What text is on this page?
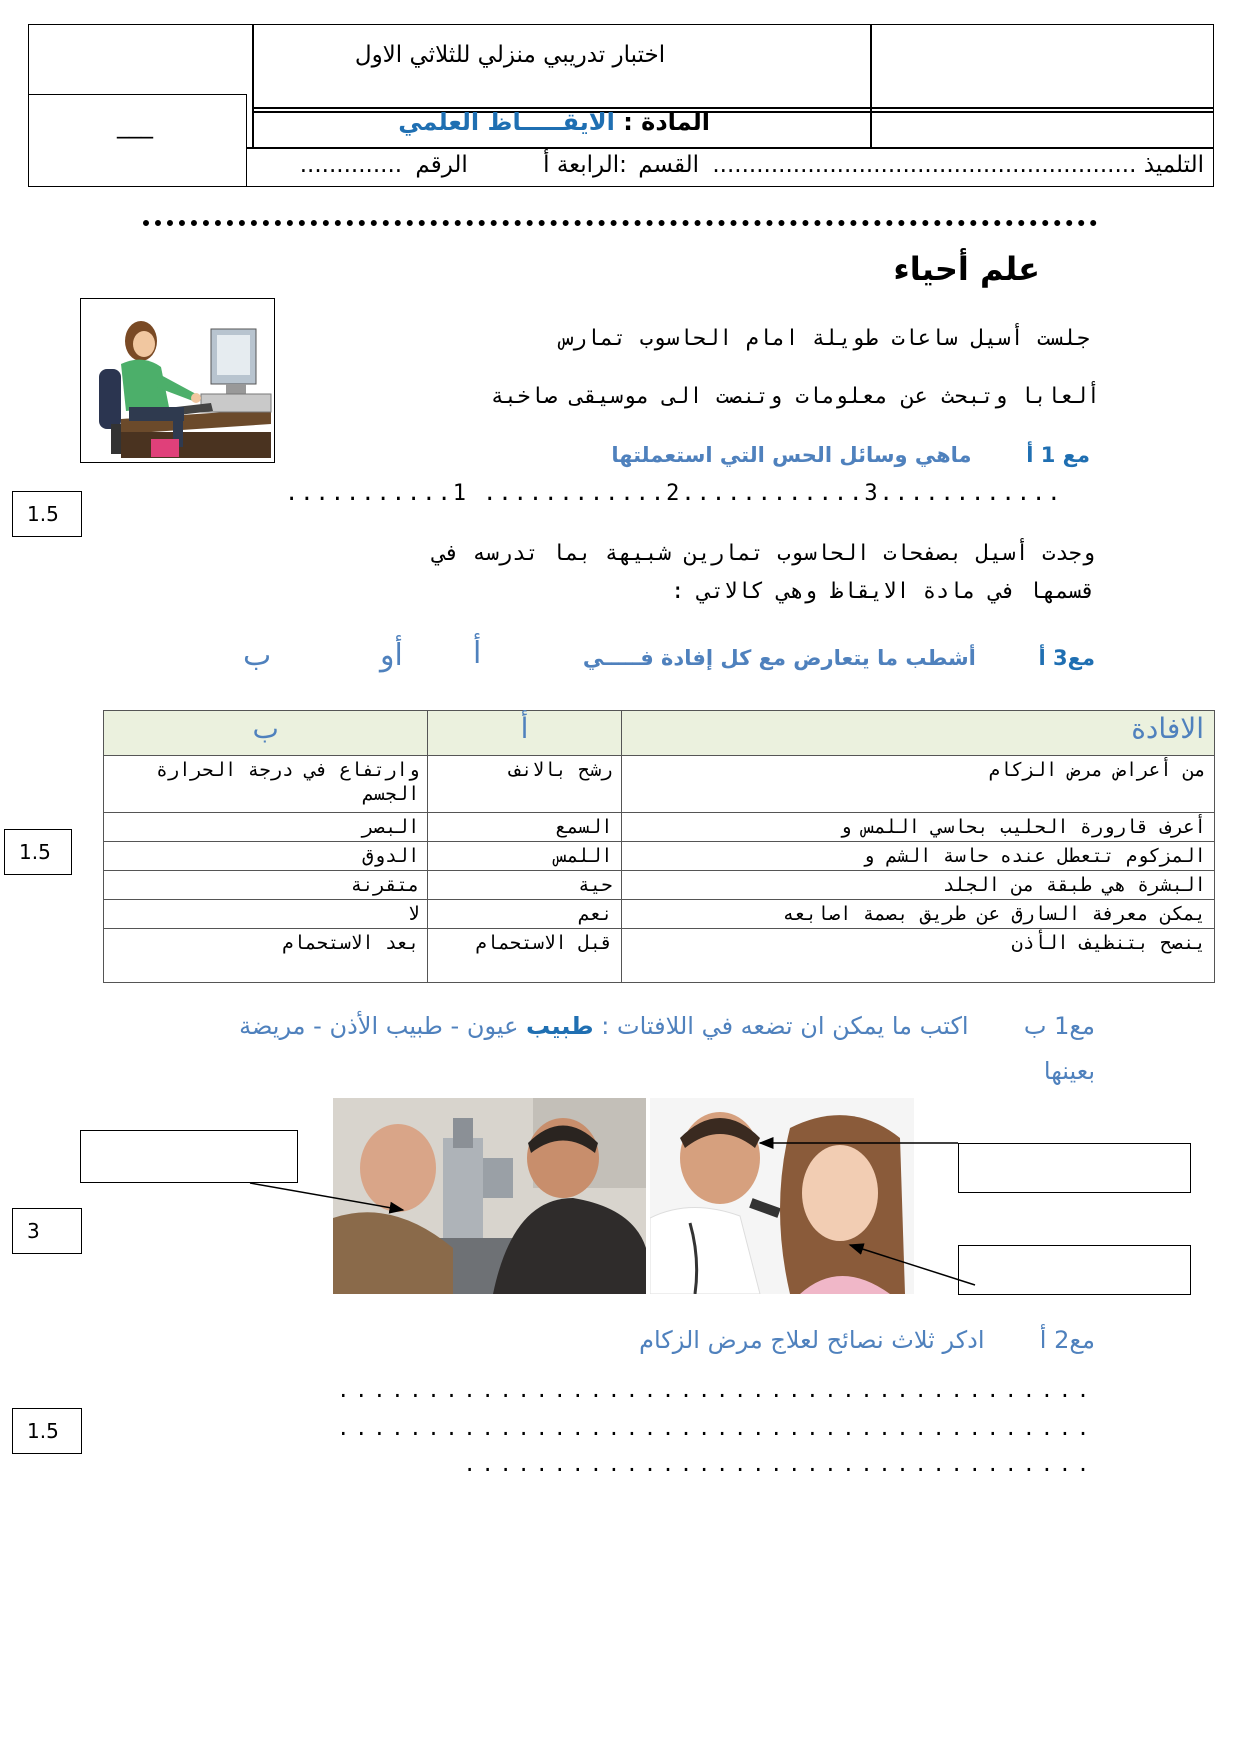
___
اختبار تدريبي منزلي للثلاثي الاول
المادة : الايقـــــاظ العلمي
التلميذ .......................................................... القسم :الرابعة أ الرقم ..............
علم أحياء
جلست أسيل ساعات طويلة امام الحاسوب تمارس
ألعابا وتبحث عن معلومات وتنصت الى موسيقى صاخبة
مع 1 أ  ماهي وسائل الحس التي استعملتها
...........1 ............2............3............
1.5
وجدت أسيل بصفحات الحاسوب تمارين شبيهة بما تدرسه في
قسمها في مادة الايقاظ وهي كالاتي :
مع3 أ  أشطب ما يتعارض مع كل إفادة فـــــي
أ
أو
ب
الافادة	أ	ب
من أعراض مرض الزكام	رشح بالانف	وارتفاع في درجة الحرارة الجسم
أعرف قارورة الحليب بحاسي اللمس و	السمع	البصر
المزكوم تتعطل عنده حاسة الشم و	اللمس	الدوق
البشرة هي طبقة من الجلد	حية	متقرنة
يمكن معرفة السارق عن طريق بصمة اصابعه	نعم	لا
ينصح بتنظيف الأذن	قبل الاستحمام	بعد الاستحمام
1.5
مع1 ب  اكتب ما يمكن ان تضعه في اللافتات : طبيب عيون - طبيب الأذن - مريضة
بعينها
3
مع2 أ  ادكر ثلاث نصائح لعلاج مرض الزكام
..........................................
..........................................
...................................
1.5
